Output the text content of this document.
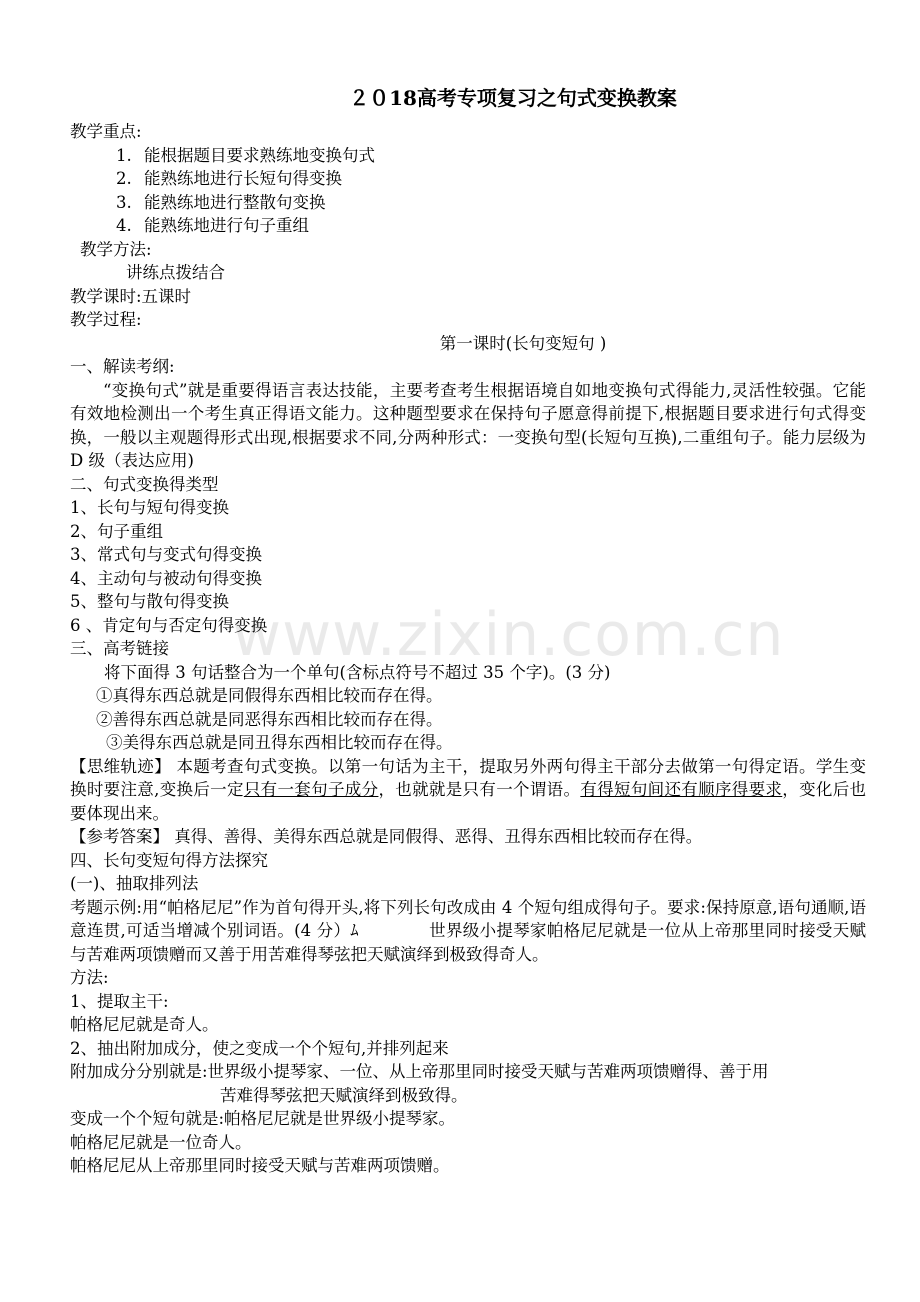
www.zixin.com.cn
２０18高考专项复习之句式变换教案
教学重点:
1. 能根据题目要求熟练地变换句式
2. 能熟练地进行长短句得变换
3. 能熟练地进行整散句变换
4. 能熟练地进行句子重组
教学方法:
讲练点拨结合
教学课时:五课时
教学过程:
第一课时(长句变短句 )
一、解读考纲:
“变换句式”就是重要得语言表达技能，主要考查考生根据语境自如地变换句式得能力,灵活性较强。它能有效地检测出一个考生真正得语文能力。这种题型要求在保持句子愿意得前提下,根据题目要求进行句式得变换，一般以主观题得形式出现,根据要求不同,分两种形式：一变换句型(长短句互换),二重组句子。能力层级为 D 级（表达应用)
二、句式变换得类型
1、长句与短句得变换
2、句子重组
3、常式句与变式句得变换
4、主动句与被动句得变换
5、整句与散句得变换
6 、肯定句与否定句得变换
三、高考链接
将下面得 3 句话整合为一个单句(含标点符号不超过 35 个字)。(3 分)
①真得东西总就是同假得东西相比较而存在得。
②善得东西总就是同恶得东西相比较而存在得。
③美得东西总就是同丑得东西相比较而存在得。
【思维轨迹】 本题考查句式变换。以第一句话为主干，提取另外两句得主干部分去做第一句得定语。学生变换时要注意,变换后一定只有一套句子成分，也就就是只有一个谓语。有得短句间还有顺序得要求，变化后也要体现出来。
【参考答案】 真得、善得、美得东西总就是同假得、恶得、丑得东西相比较而存在得。
四、长句变短句得方法探究
(一)、抽取排列法
考题示例:用“帕格尼尼”作为首句得开头,将下列长句改成由 4 个短句组成得句子。要求:保持原意,语句通顺,语意连贯,可适当增减个别词语。(4 分）ﾑ	世界级小提琴家帕格尼尼就是一位从上帝那里同时接受天赋与苦难两项馈赠而又善于用苦难得琴弦把天赋演绎到极致得奇人。
方法:
1、提取主干:
帕格尼尼就是奇人。
2、抽出附加成分，使之变成一个个短句,并排列起来
附加成分分别就是:世界级小提琴家、一位、从上帝那里同时接受天赋与苦难两项馈赠得、善于用
苦难得琴弦把天赋演绎到极致得。
变成一个个短句就是:帕格尼尼就是世界级小提琴家。
帕格尼尼就是一位奇人。
帕格尼尼从上帝那里同时接受天赋与苦难两项馈赠。
